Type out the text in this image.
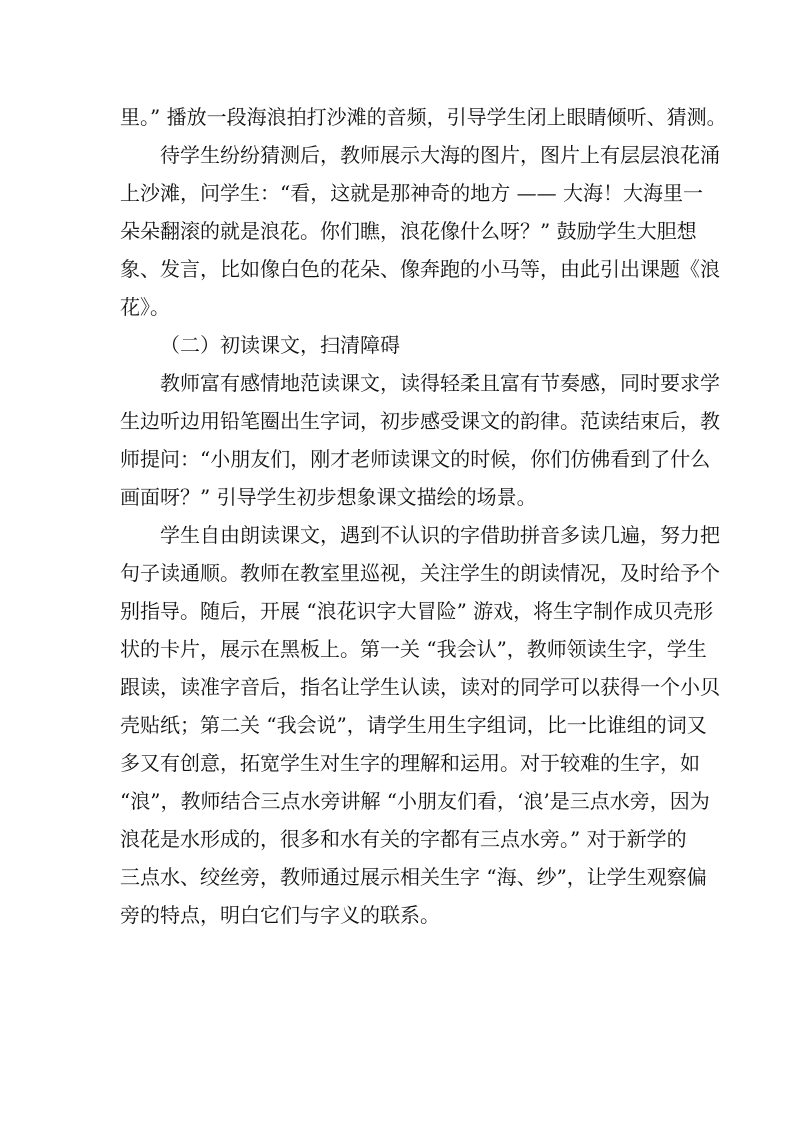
里。” 播放一段海浪拍打沙滩的音频，引导学生闭上眼睛倾听、猜测。
待学生纷纷猜测后，教师展示大海的图片，图片上有层层浪花涌
上沙滩，问学生：“看，这就是那神奇的地方 —— 大海！大海里一
朵朵翻滚的就是浪花。你们瞧，浪花像什么呀？” 鼓励学生大胆想
象、发言，比如像白色的花朵、像奔跑的小马等，由此引出课题《浪
花》。
（二）初读课文，扫清障碍
教师富有感情地范读课文，读得轻柔且富有节奏感，同时要求学
生边听边用铅笔圈出生字词，初步感受课文的韵律。范读结束后，教
师提问：“小朋友们，刚才老师读课文的时候，你们仿佛看到了什么
画面呀？” 引导学生初步想象课文描绘的场景。
学生自由朗读课文，遇到不认识的字借助拼音多读几遍，努力把
句子读通顺。教师在教室里巡视，关注学生的朗读情况，及时给予个
别指导。随后，开展 “浪花识字大冒险” 游戏，将生字制作成贝壳形
状的卡片，展示在黑板上。第一关 “我会认”，教师领读生字，学生
跟读，读准字音后，指名让学生认读，读对的同学可以获得一个小贝
壳贴纸；第二关 “我会说”，请学生用生字组词，比一比谁组的词又
多又有创意，拓宽学生对生字的理解和运用。对于较难的生字，如
“浪”，教师结合三点水旁讲解 “小朋友们看，‘浪’是三点水旁，因为
浪花是水形成的，很多和水有关的字都有三点水旁。” 对于新学的
三点水、绞丝旁，教师通过展示相关生字 “海、纱”，让学生观察偏
旁的特点，明白它们与字义的联系。
